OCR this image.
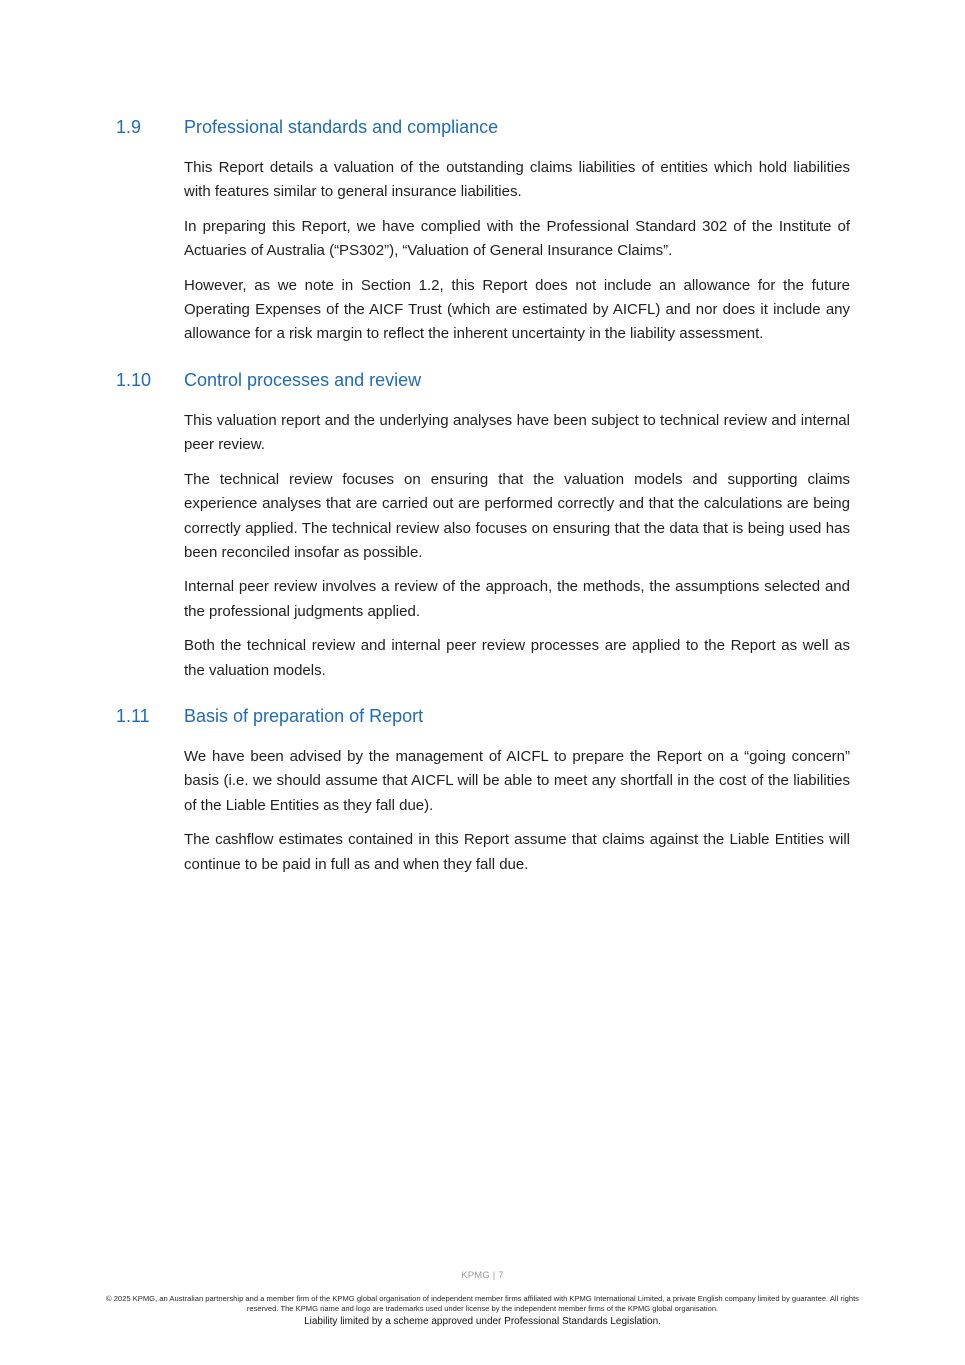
1.9 Professional standards and compliance

This Report details a valuation of the outstanding claims liabilities of entities which hold liabilities with features similar to general insurance liabilities.

In preparing this Report, we have complied with the Professional Standard 302 of the Institute of Actuaries of Australia (“PS302”), “Valuation of General Insurance Claims”.

However, as we note in Section 1.2, this Report does not include an allowance for the future Operating Expenses of the AICF Trust (which are estimated by AICFL) and nor does it include any allowance for a risk margin to reflect the inherent uncertainty in the liability assessment.

1.10 Control processes and review

This valuation report and the underlying analyses have been subject to technical review and internal peer review.

The technical review focuses on ensuring that the valuation models and supporting claims experience analyses that are carried out are performed correctly and that the calculations are being correctly applied. The technical review also focuses on ensuring that the data that is being used has been reconciled insofar as possible.

Internal peer review involves a review of the approach, the methods, the assumptions selected and the professional judgments applied.

Both the technical review and internal peer review processes are applied to the Report as well as the valuation models.

1.11 Basis of preparation of Report

We have been advised by the management of AICFL to prepare the Report on a “going concern” basis (i.e. we should assume that AICFL will be able to meet any shortfall in the cost of the liabilities of the Liable Entities as they fall due).

The cashflow estimates contained in this Report assume that claims against the Liable Entities will continue to be paid in full as and when they fall due.

KPMG | 7
© 2025 KPMG, an Australian partnership and a member firm of the KPMG global organisation of independent member firms affiliated with KPMG International Limited, a private English company limited by guarantee. All rights reserved. The KPMG name and logo are trademarks used under license by the independent member firms of the KPMG global organisation.
Liability limited by a scheme approved under Professional Standards Legislation.
